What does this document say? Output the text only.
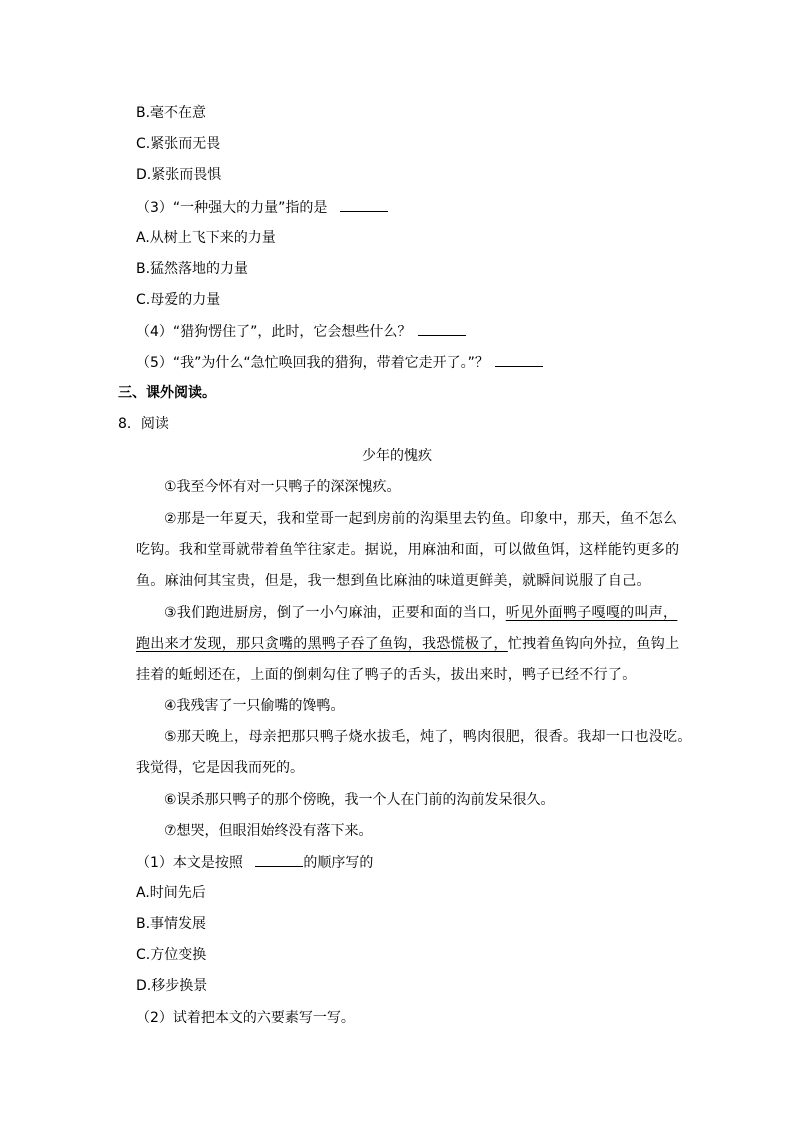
B.毫不在意
C.紧张而无畏
D.紧张而畏惧
（3）“一种强大的力量”指的是
A.从树上飞下来的力量
B.猛然落地的力量
C.母爱的力量
（4）“猎狗愣住了”，此时，它会想些什么？
（5）“我”为什么“急忙唤回我的猎狗，带着它走开了。”？
三、课外阅读。
8．阅读
少年的愧疚
①我至今怀有对一只鸭子的深深愧疚。
②那是一年夏天，我和堂哥一起到房前的沟渠里去钓鱼。印象中，那天，鱼不怎么
吃钩。我和堂哥就带着鱼竿往家走。据说，用麻油和面，可以做鱼饵，这样能钓更多的
鱼。麻油何其宝贵，但是，我一想到鱼比麻油的味道更鲜美，就瞬间说服了自己。
③我们跑进厨房，倒了一小勺麻油，正要和面的当口，听见外面鸭子嘎嘎的叫声，
跑出来才发现，那只贪嘴的黑鸭子吞了鱼钩，我恐慌极了，忙拽着鱼钩向外拉，鱼钩上
挂着的蚯蚓还在，上面的倒刺勾住了鸭子的舌头，拔出来时，鸭子已经不行了。
④我残害了一只偷嘴的馋鸭。
⑤那天晚上，母亲把那只鸭子烧水拔毛，炖了，鸭肉很肥，很香。我却一口也没吃。
我觉得，它是因我而死的。
⑥误杀那只鸭子的那个傍晚，我一个人在门前的沟前发呆很久。
⑦想哭，但眼泪始终没有落下来。
（1）本文是按照	的顺序写的
A.时间先后
B.事情发展
C.方位变换
D.移步换景
（2）试着把本文的六要素写一写。
